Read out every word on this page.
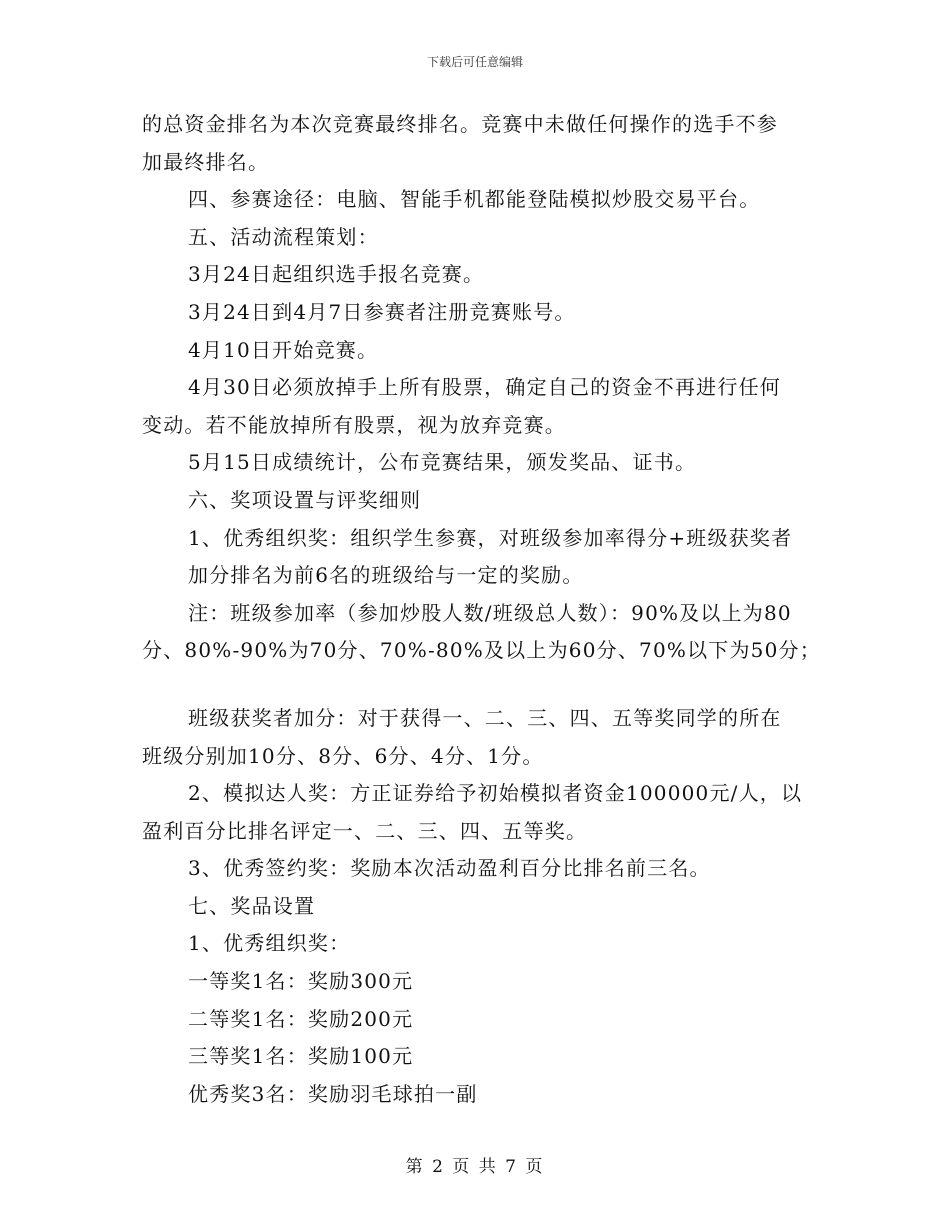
下载后可任意编辑
的总资金排名为本次竞赛最终排名。竞赛中未做任何操作的选手不参
加最终排名。
四、参赛途径：电脑、智能手机都能登陆模拟炒股交易平台。
五、活动流程策划：
3月24日起组织选手报名竞赛。
3月24日到4月7日参赛者注册竞赛账号。
4月10日开始竞赛。
4月30日必须放掉手上所有股票，确定自己的资金不再进行任何
变动。若不能放掉所有股票，视为放弃竞赛。
5月15日成绩统计，公布竞赛结果，颁发奖品、证书。
六、奖项设置与评奖细则
1、优秀组织奖：组织学生参赛，对班级参加率得分+班级获奖者
加分排名为前6名的班级给与一定的奖励。
注：班级参加率（参加炒股人数/班级总人数）：90%及以上为80
分、80%-90%为70分、70%-80%及以上为60分、70%以下为50分；
班级获奖者加分：对于获得一、二、三、四、五等奖同学的所在
班级分别加10分、8分、6分、4分、1分。
2、模拟达人奖：方正证券给予初始模拟者资金100000元/人，以
盈利百分比排名评定一、二、三、四、五等奖。
3、优秀签约奖：奖励本次活动盈利百分比排名前三名。
七、奖品设置
1、优秀组织奖：
一等奖1名：奖励300元
二等奖1名：奖励200元
三等奖1名：奖励100元
优秀奖3名：奖励羽毛球拍一副
第 2 页 共 7 页
